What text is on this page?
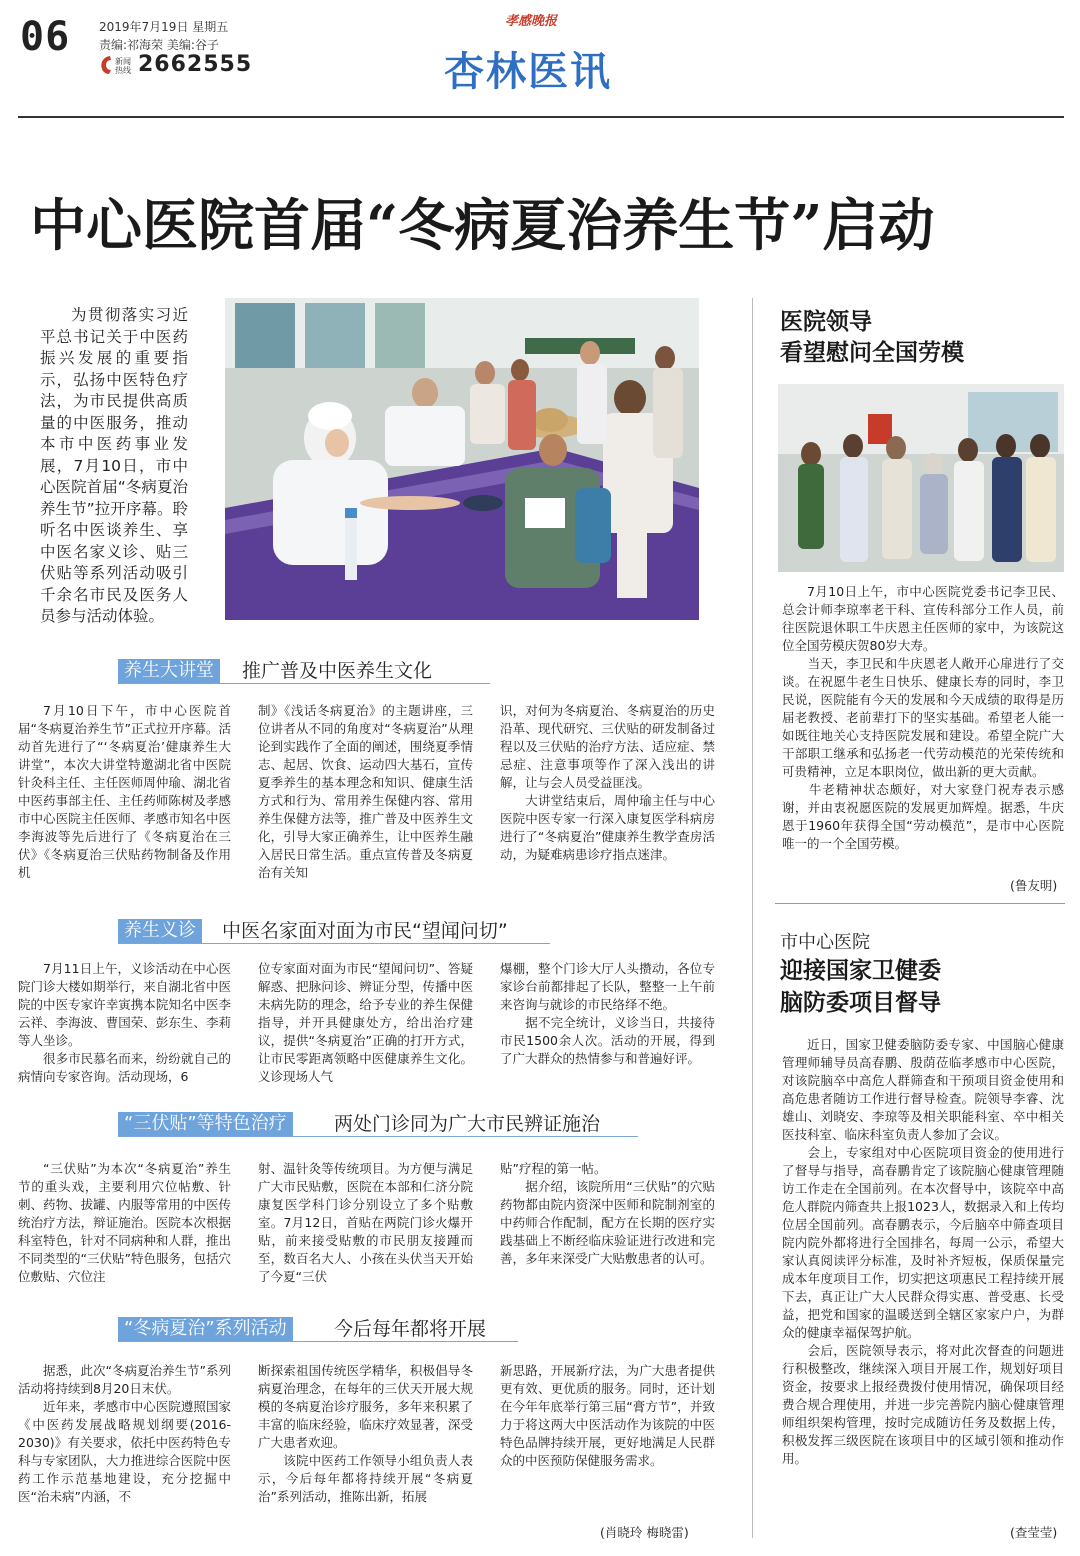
06 2019年7月19日 星期五
责编:祁海荣 美编:谷子
新闻热线 2662555
孝感晚报
杏林医讯
中心医院首届“冬病夏治养生节”启动
为贯彻落实习近平总书记关于中医药振兴发展的重要指示，弘扬中医特色疗法，为市民提供高质量的中医服务，推动本市中医药事业发展，7月10日，市中心医院首届“冬病夏治养生节”拉开序幕。聆听名中医谈养生、享中医名家义诊、贴三伏贴等系列活动吸引千余名市民及医务人员参与活动体验。
养生大讲堂	推广普及中医养生文化
7月10日下午，市中心医院首届“冬病夏治养生节”正式拉开序幕。活动首先进行了“‘冬病夏治’健康养生大讲堂”，本次大讲堂特邀湖北省中医院针灸科主任、主任医师周仲瑜、湖北省中医药事部主任、主任药师陈树及孝感市中心医院主任医师、孝感市知名中医李海波等先后进行了《冬病夏治在三伏》《冬病夏治三伏贴药物制备及作用机
制》《浅话冬病夏治》的主题讲座，三位讲者从不同的角度对“冬病夏治”从理论到实践作了全面的阐述，围绕夏季情志、起居、饮食、运动四大基石，宣传夏季养生的基本理念和知识、健康生活方式和行为、常用养生保健内容、常用养生保健方法等，推广普及中医养生文化，引导大家正确养生，让中医养生融入居民日常生活。重点宣传普及冬病夏治有关知
识，对何为冬病夏治、冬病夏治的历史沿革、现代研究、三伏贴的研发制备过程以及三伏贴的治疗方法、适应症、禁忌症、注意事项等作了深入浅出的讲解，让与会人员受益匪浅。
　　大讲堂结束后，周仲瑜主任与中心医院中医专家一行深入康复医学科病房进行了“冬病夏治”健康养生教学查房活动，为疑难病患诊疗指点迷津。
养生义诊	中医名家面对面为市民“望闻问切”
7月11日上午，义诊活动在中心医院门诊大楼如期举行，来自湖北省中医院的中医专家许幸寅携本院知名中医李云祥、李海波、曹国荣、彭东生、李莉等人坐诊。
　　很多市民慕名而来，纷纷就自己的病情向专家咨询。活动现场，6
位专家面对面为市民“望闻问切”、答疑解惑、把脉问诊、辨证分型，传播中医未病先防的理念，给予专业的养生保健指导，并开具健康处方，给出治疗建议，提供“冬病夏治”正确的打开方式，让市民零距离领略中医健康养生文化。义诊现场人气
爆棚，整个门诊大厅人头攒动，各位专家诊台前都排起了长队，整整一上午前来咨询与就诊的市民络绎不绝。
　　据不完全统计，义诊当日，共接待市民1500余人次。活动的开展，得到了广大群众的热情参与和普遍好评。
“三伏贴”等特色治疗	两处门诊同为广大市民辨证施治
“三伏贴”为本次“冬病夏治”养生节的重头戏，主要利用穴位帖敷、针刺、药物、拔罐、内服等常用的中医传统治疗方法，辩证施治。医院本次根据科室特色，针对不同病种和人群，推出不同类型的“三伏贴”特色服务，包括穴位敷贴、穴位注
射、温针灸等传统项目。为方便与满足广大市民贴敷，医院在本部和仁济分院康复医学科门诊分别设立了多个贴敷室。7月12日，首贴在两院门诊火爆开贴，前来接受贴敷的市民朋友接踵而至，数百名大人、小孩在头伏当天开始了今夏“三伏
贴”疗程的第一帖。
　　据介绍，该院所用“三伏贴”的穴贴药物都由院内资深中医师和院制剂室的中药师合作配制，配方在长期的医疗实践基础上不断经临床验证进行改进和完善，多年来深受广大贴敷患者的认可。
“冬病夏治”系列活动	今后每年都将开展
据悉，此次“冬病夏治养生节”系列活动将持续到8月20日末伏。
　　近年来，孝感市中心医院遵照国家《中医药发展战略规划纲要(2016-2030)》有关要求，依托中医药特色专科与专家团队，大力推进综合医院中医药工作示范基地建设，充分挖掘中医“治未病”内涵，不
断探索祖国传统医学精华，积极倡导冬病夏治理念，在每年的三伏天开展大规模的冬病夏治诊疗服务，多年来积累了丰富的临床经验，临床疗效显著，深受广大患者欢迎。
　　该院中医药工作领导小组负责人表示，今后每年都将持续开展“冬病夏治”系列活动，推陈出新，拓展
新思路，开展新疗法，为广大患者提供更有效、更优质的服务。同时，还计划在今年年底举行第三届“膏方节”，并致力于将这两大中医活动作为该院的中医特色品牌持续开展，更好地满足人民群众的中医预防保健服务需求。
(肖晓玲 梅晓雷)
医院领导
看望慰问全国劳模
7月10日上午，市中心医院党委书记李卫民、总会计师李琼率老干科、宣传科部分工作人员，前往医院退休职工牛庆恩主任医师的家中，为该院这位全国劳模庆贺80岁大寿。
　　当天，李卫民和牛庆恩老人敞开心扉进行了交谈。在祝愿牛老生日快乐、健康长寿的同时，李卫民说，医院能有今天的发展和今天成绩的取得是历届老教授、老前辈打下的坚实基础。希望老人能一如既往地关心支持医院发展和建设。希望全院广大干部职工继承和弘扬老一代劳动模范的光荣传统和可贵精神，立足本职岗位，做出新的更大贡献。
　　牛老精神状态颇好，对大家登门祝寿表示感谢，并由衷祝愿医院的发展更加辉煌。据悉，牛庆恩于1960年获得全国“劳动模范”，是市中心医院唯一的一个全国劳模。
(鲁友明)
市中心医院
迎接国家卫健委
脑防委项目督导
近日，国家卫健委脑防委专家、中国脑心健康管理师辅导员高春鹏、殷荫莅临孝感市中心医院，对该院脑卒中高危人群筛查和干预项目资金使用和高危患者随访工作进行督导检查。院领导李睿、沈雄山、刘晓安、李琼等及相关职能科室、卒中相关医技科室、临床科室负责人参加了会议。
　　会上，专家组对中心医院项目资金的使用进行了督导与指导，高春鹏肯定了该院脑心健康管理随访工作走在全国前列。在本次督导中，该院卒中高危人群院内筛查共上报1023人，数据录入和上传均位居全国前列。高春鹏表示，今后脑卒中筛查项目院内院外都将进行全国排名，每周一公示，希望大家认真阅读评分标准，及时补齐短板，保质保量完成本年度项目工作，切实把这项惠民工程持续开展下去，真正让广大人民群众得实惠、普受惠、长受益，把党和国家的温暖送到全辖区家家户户，为群众的健康幸福保驾护航。
　　会后，医院领导表示，将对此次督查的问题进行积极整改，继续深入项目开展工作，规划好项目资金，按要求上报经费拨付使用情况，确保项目经费合规合理使用，并进一步完善院内脑心健康管理师组织架构管理，按时完成随访任务及数据上传，积极发挥三级医院在该项目中的区域引领和推动作用。
(查莹莹)
